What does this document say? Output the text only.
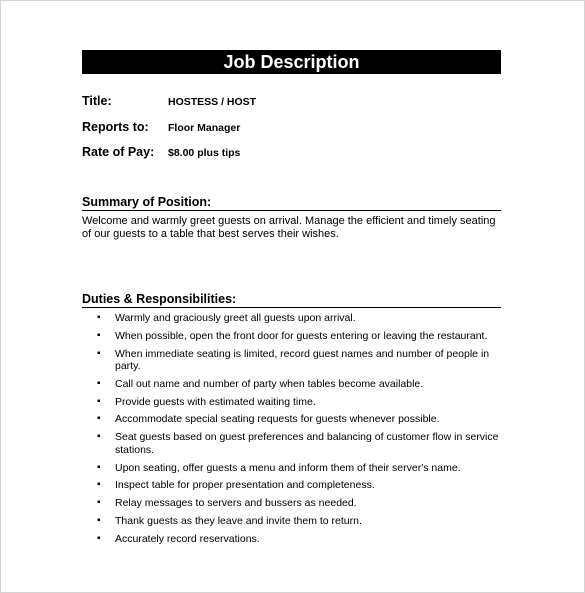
Job Description
Title:	HOSTESS / HOST
Reports to:	Floor Manager
Rate of Pay:	$8.00 plus tips
Summary of Position:
Welcome and warmly greet guests on arrival. Manage the efficient and timely seating of our guests to a table that best serves their wishes.
Duties & Responsibilities:
▪ Warmly and graciously greet all guests upon arrival.
▪ When possible, open the front door for guests entering or leaving the restaurant.
▪ When immediate seating is limited, record guest names and number of people in party.
▪ Call out name and number of party when tables become available.
▪ Provide guests with estimated waiting time.
▪ Accommodate special seating requests for guests whenever possible.
▪ Seat guests based on guest preferences and balancing of customer flow in service stations.
▪ Upon seating, offer guests a menu and inform them of their server's name.
▪ Inspect table for proper presentation and completeness.
▪ Relay messages to servers and bussers as needed.
▪ Thank guests as they leave and invite them to return.
▪ Accurately record reservations.
